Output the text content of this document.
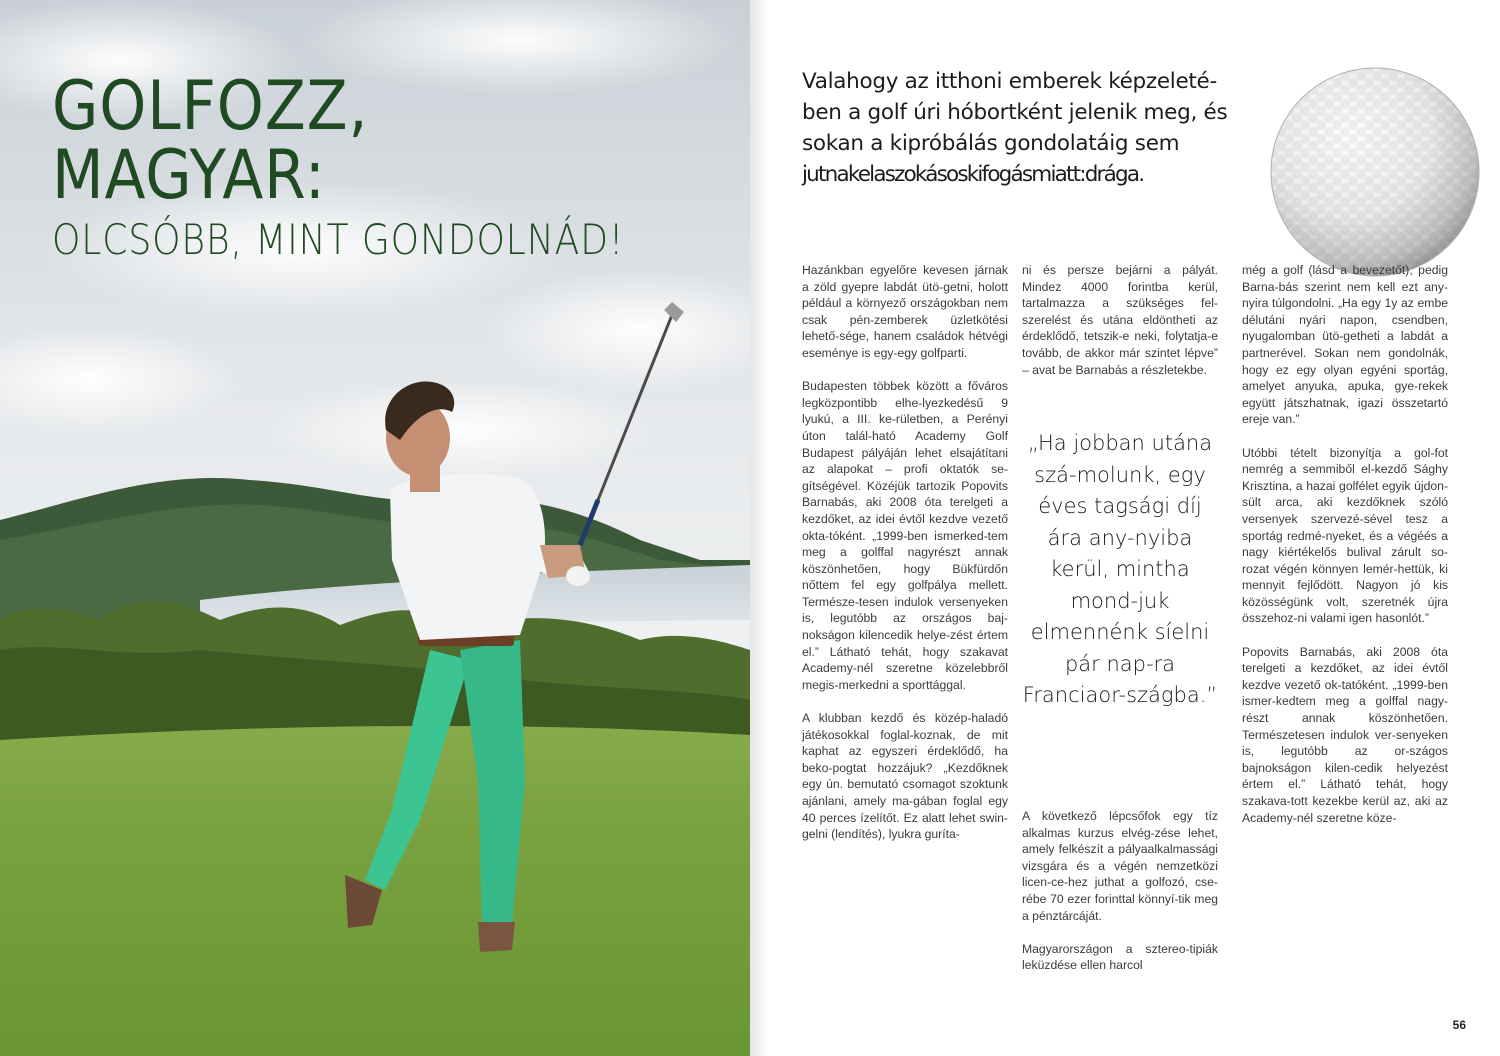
GOLFOZZ, MAGYAR:
OLCSÓBB, MINT GONDOLNÁD!
Valahogy az itthoni emberek képzeleté-
ben a golf úri hóbortként jelenik meg, és
sokan a kipróbálás gondolatáig sem
jutnakelaszokásoskifogásmiatt:drága.

Hazánkban egyelőre kevesen járnak a zöld gyepre labdát ütö-getni, holott például a környező országokban nem csak pén-zemberek üzletkötési lehető-sége, hanem családok hétvégi eseménye is egy-egy golfparti.

Budapesten többek között a főváros legközpontibb elhe-lyezkedésű 9 lyukú, a III. ke-rületben, a Perényi úton talál-ható Academy Golf Budapest pályáján lehet elsajátítani az alapokat – profi oktatók se-gítségével. Közéjük tartozik Popovits Barnabás, aki 2008 óta terelgeti a kezdőket, az idei évtől kezdve vezető okta-tóként. „1999-ben ismerked-tem meg a golffal nagyrészt annak köszönhetően, hogy Bükfürdőn nőttem fel egy golfpálya mellett. Természe-tesen indulok versenyeken is, legutóbb az országos baj-nokságon kilencedik helye-zést értem el.” Látható tehát, hogy szakavat Academy-nél szeretne közelebbről megis-merkedni a sporttággal.

A klubban kezdő és közép-haladó játékosokkal foglal-koznak, de mit kaphat az egyszeri érdeklődő, ha beko-pogtat hozzájuk? „Kezdőknek egy ún. bemutató csomagot szoktunk ajánlani, amely ma-gában foglal egy 40 perces ízelítőt. Ez alatt lehet swin-gelni (lendítés), lyukra guríta-

ni és persze bejárni a pályát. Mindez 4000 forintba kerül, tartalmazza a szükséges fel-szerelést és utána eldöntheti az érdeklődő, tetszik-e neki, folytatja-e tovább, de akkor már szintet lépve” – avat be Barnabás a részletekbe.

„Ha jobban utána szá-molunk, egy éves tagsági díj ára any-nyiba kerül, mintha mond-juk elmennénk síelni pár nap-ra Franciaor-szágba.”

A következő lépcsőfok egy tíz alkalmas kurzus elvég-zése lehet, amely felkészít a pályaalkalmassági vizsgára és a végén nemzetközi licen-ce-hez juthat a golfozó, cse-rébe 70 ezer forinttal könnyí-tik meg a pénztárcáját.

Magyarországon a sztereo-tipiák leküzdése ellen harcol

még a golf (lásd a bevezetőt), pedig Barna-bás szerint nem kell ezt any-nyira túlgondolni. „Ha egy 1y az embe délutáni nyári napon, csendben, nyugalomban ütö-getheti a labdát a partnerével. Sokan nem gondolnák, hogy ez egy olyan egyéni sportág, amelyet anyuka, apuka, gye-rekek együtt játszhatnak, igazi összetartó ereje van.”

Utóbbi tételt bizonyítja a gol-fot nemrég a semmiből el-kezdő Sághy Krisztina, a hazai golfélet egyik újdon-sült arca, aki kezdőknek szóló versenyek szervezé-sével tesz a sportág redmé-nyeket, és a végéés a nagy kiértékelős bulival zárult so-rozat végén könnyen lemér-hettük, ki mennyit fejlődött. Nagyon jó kis közösségünk volt, szeretnék újra összehoz-ni valami igen hasonlót.”

Popovits Barnabás, aki 2008 óta terelgeti a kezdőket, az idei évtől kezdve vezető ok-tatóként. „1999-ben ismer-kedtem meg a golffal nagy-részt annak köszönhetően. Természetesen indulok ver-senyeken is, legutóbb az or-szágos bajnokságon kilen-cedik helyezést értem el.” Látható tehát, hogy szakava-tott kezekbe kerül az, aki az Academy-nél szeretne köze-

56
